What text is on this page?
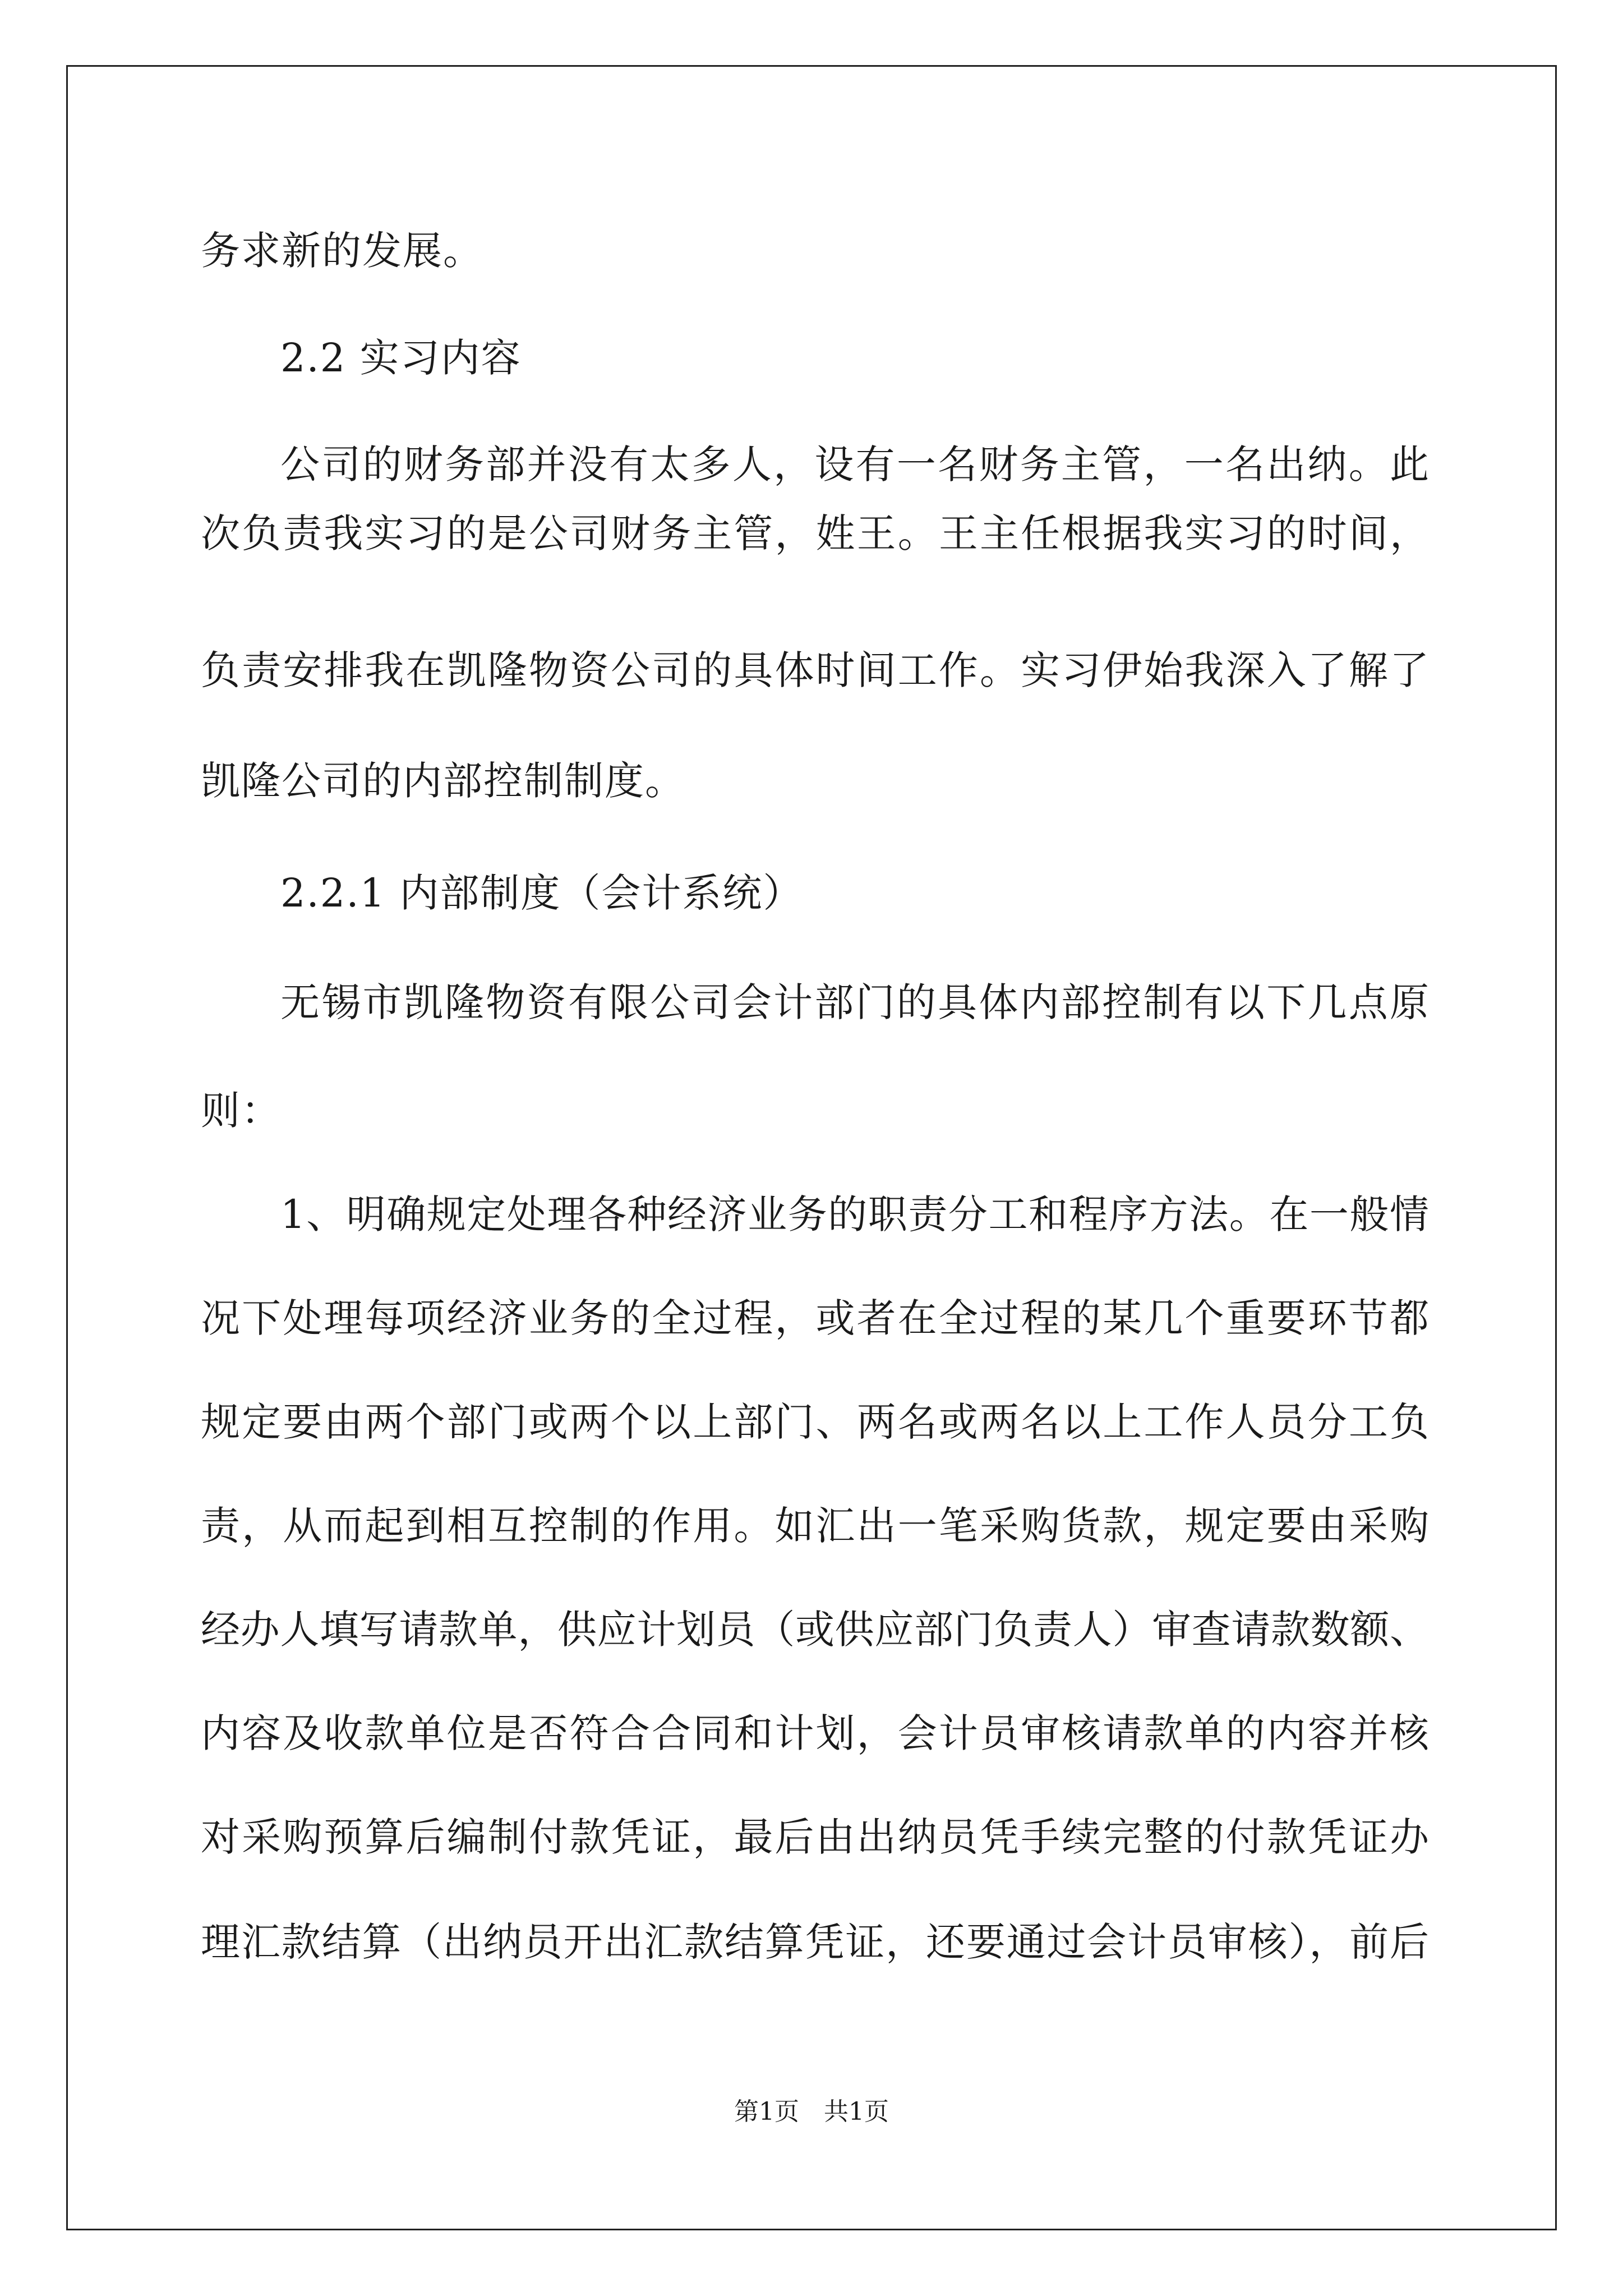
务求新的发展。
2.2 实习内容
公司的财务部并没有太多人，设有一名财务主管，一名出纳。此
次负责我实习的是公司财务主管，姓王。王主任根据我实习的时间，
负责安排我在凯隆物资公司的具体时间工作。实习伊始我深入了解了
凯隆公司的内部控制制度。
2.2.1 内部制度（会计系统）
无锡市凯隆物资有限公司会计部门的具体内部控制有以下几点原
则：
1、明确规定处理各种经济业务的职责分工和程序方法。在一般情
况下处理每项经济业务的全过程，或者在全过程的某几个重要环节都
规定要由两个部门或两个以上部门、两名或两名以上工作人员分工负
责，从而起到相互控制的作用。如汇出一笔采购货款，规定要由采购
经办人填写请款单，供应计划员（或供应部门负责人）审查请款数额、
内容及收款单位是否符合合同和计划，会计员审核请款单的内容并核
对采购预算后编制付款凭证，最后由出纳员凭手续完整的付款凭证办
理汇款结算（出纳员开出汇款结算凭证，还要通过会计员审核），前后
第1页　 共1页
